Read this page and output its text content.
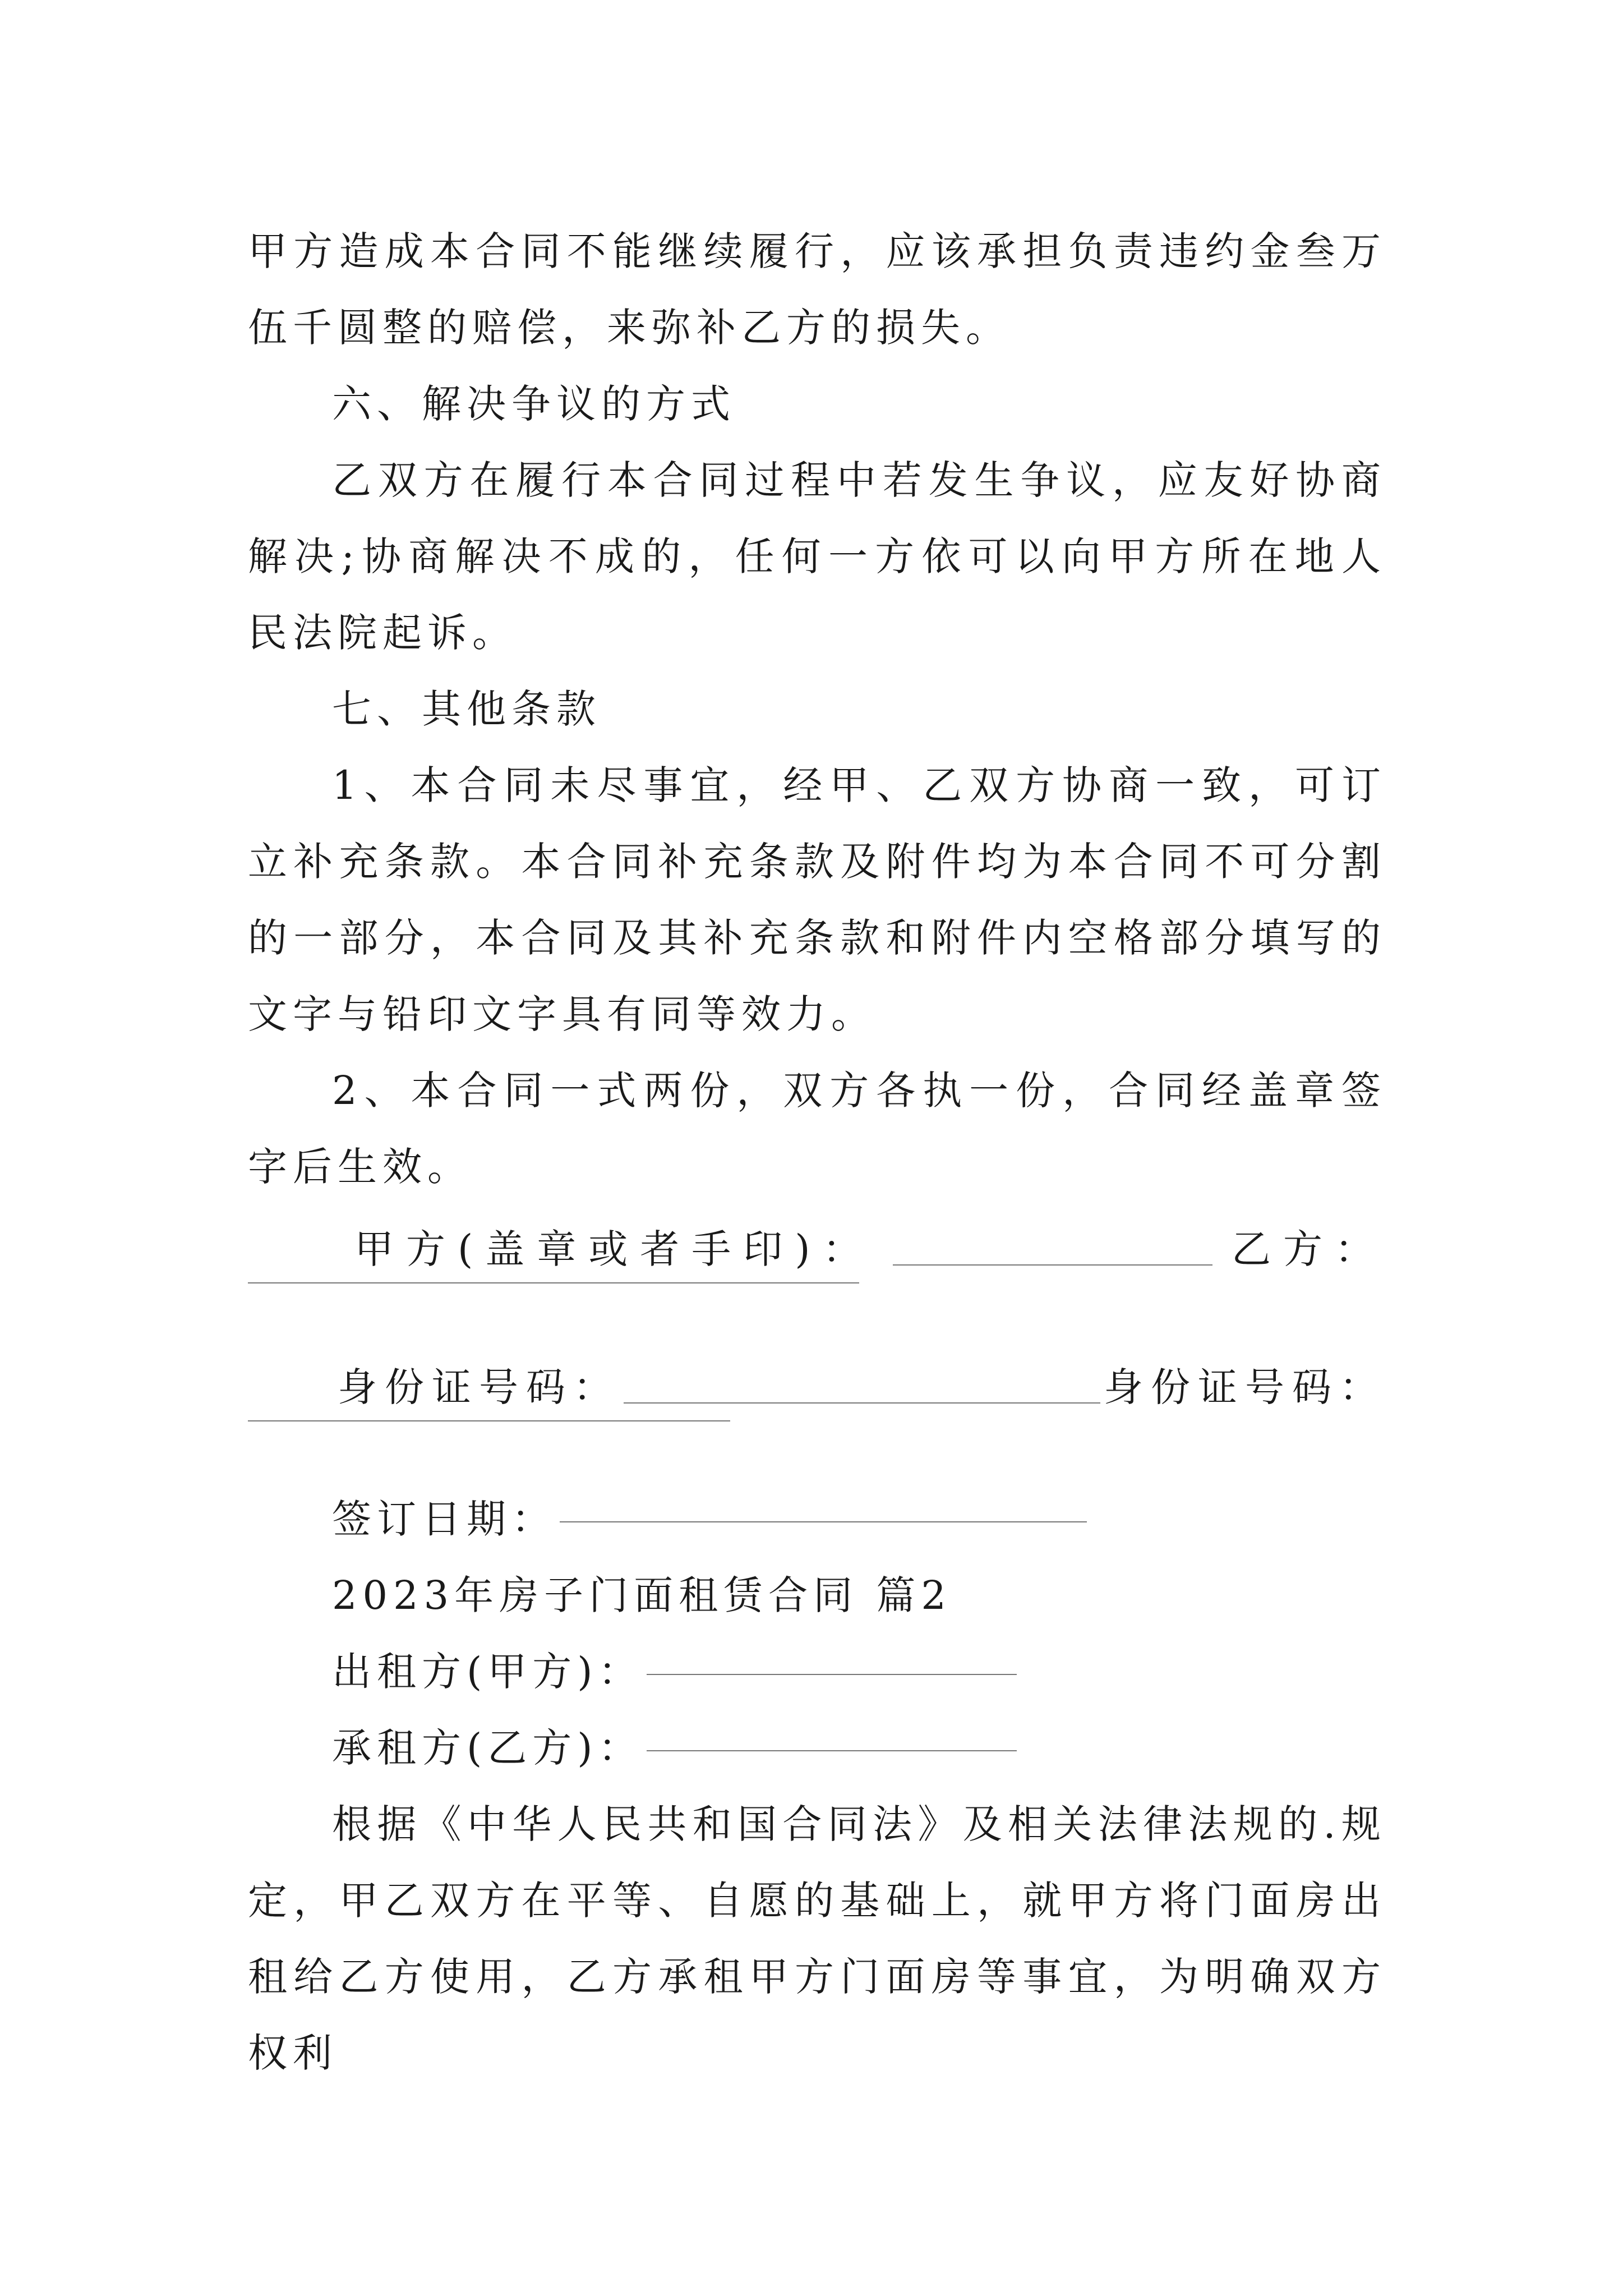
甲方造成本合同不能继续履行，应该承担负责违约金叁万伍千圆整的赔偿，来弥补乙方的损失。

六、解决争议的方式

乙双方在履行本合同过程中若发生争议，应友好协商解决;协商解决不成的，任何一方依可以向甲方所在地人民法院起诉。

七、其他条款

1、本合同未尽事宜，经甲、乙双方协商一致，可订立补充条款。本合同补充条款及附件均为本合同不可分割的一部分，本合同及其补充条款和附件内空格部分填写的文字与铅印文字具有同等效力。

2、本合同一式两份，双方各执一份，合同经盖章签字后生效。

甲方(盖章或者手印)：	乙方：
身份证号码：	身份证号码：

签订日期：

2023年房子门面租赁合同 篇2

出租方(甲方)：

承租方(乙方)：

根据《中华人民共和国合同法》及相关法律法规的.规定，甲乙双方在平等、自愿的基础上，就甲方将门面房出租给乙方使用，乙方承租甲方门面房等事宜，为明确双方权利
